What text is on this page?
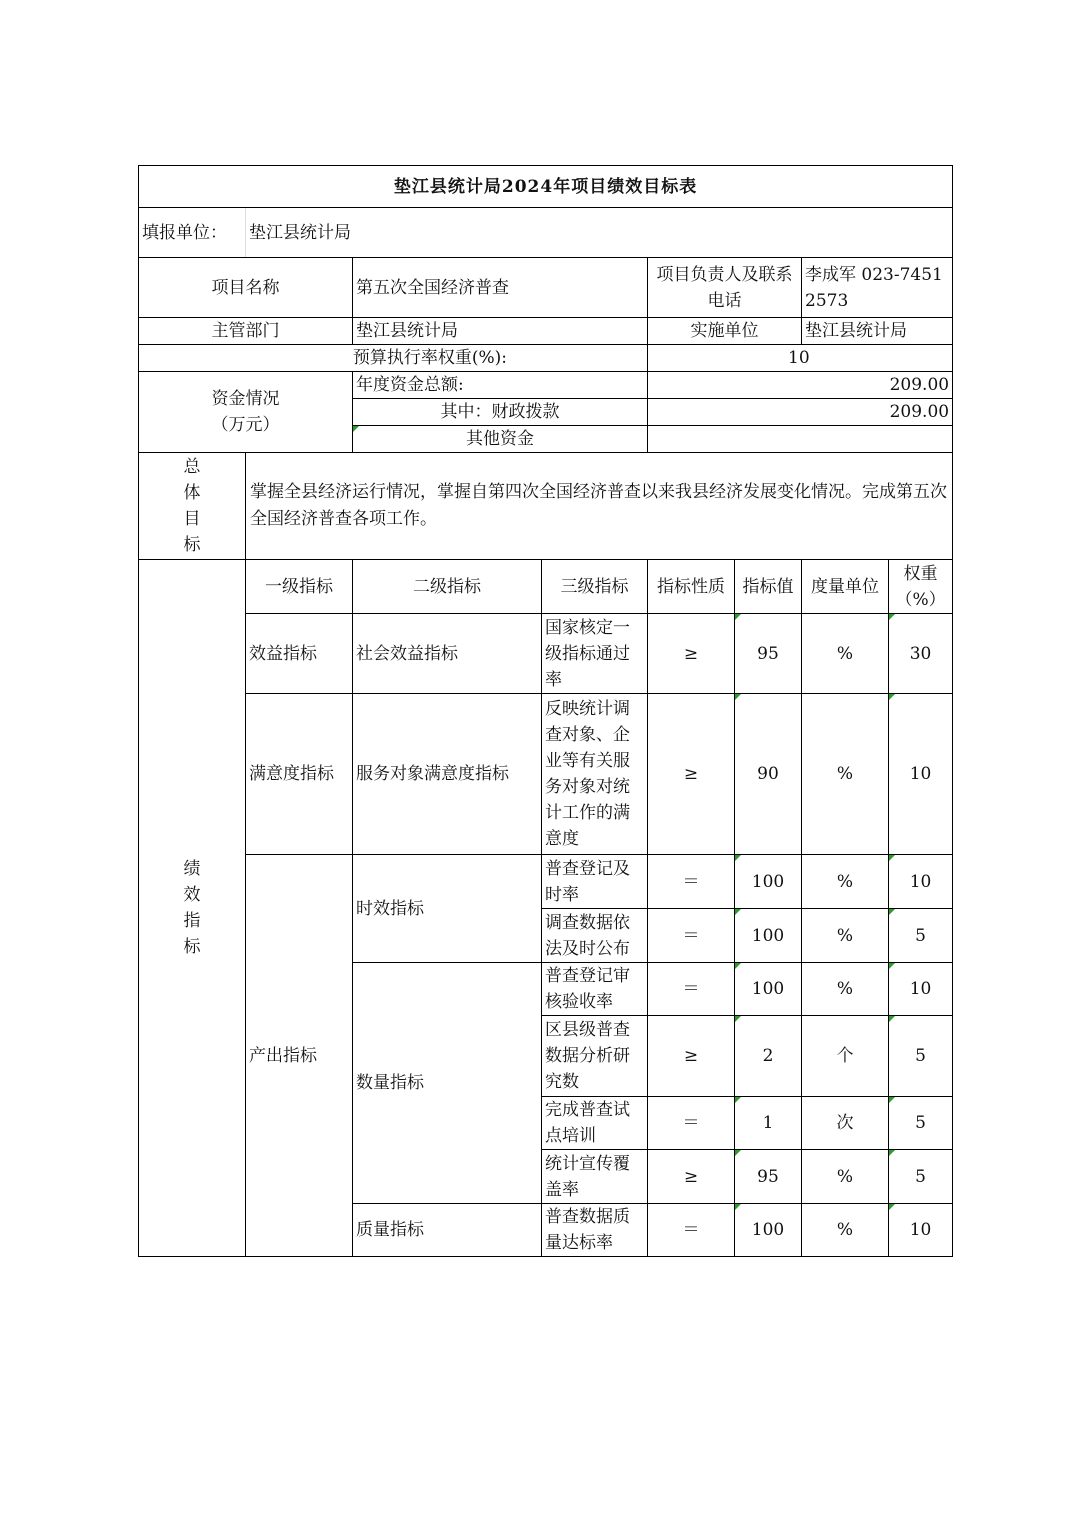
垫江县统计局2024年项目绩效目标表							
填报单位：	垫江县统计局						
项目名称		第五次全国经济普查		项目负责人及联系电话		李成军 023-74512573	
主管部门		垫江县统计局		实施单位		垫江县统计局	
预算执行率权重(%):				10			

资金情况
（万元）		年度资金总额:		209.00			
		其中：财政拨款		209.00			
		其他资金					

总
体
目
标	掌握全县经济运行情况，掌握自第四次全国经济普查以来我县经济发展变化情况。完成第五次全国经济普查各项工作。						

绩
效
指
标	一级指标	二级指标	三级指标	指标性质	指标值	度量单位	权重（%）
	效益指标	社会效益指标	国家核定一级指标通过率	≥	95	%	30
	满意度指标	服务对象满意度指标	反映统计调查对象、企业等有关服务对象对统计工作的满意度	≥	90	%	10
	产出指标	时效指标	普查登记及时率	＝	100	%	10
			调查数据依法及时公布	＝	100	%	5
		数量指标	普查登记审核验收率	＝	100	%	10
			区县级普查数据分析研究数	≥	2	个	5
			完成普查试点培训	＝	1	次	5
			统计宣传覆盖率	≥	95	%	5
		质量指标	普查数据质量达标率	＝	100	%	10
